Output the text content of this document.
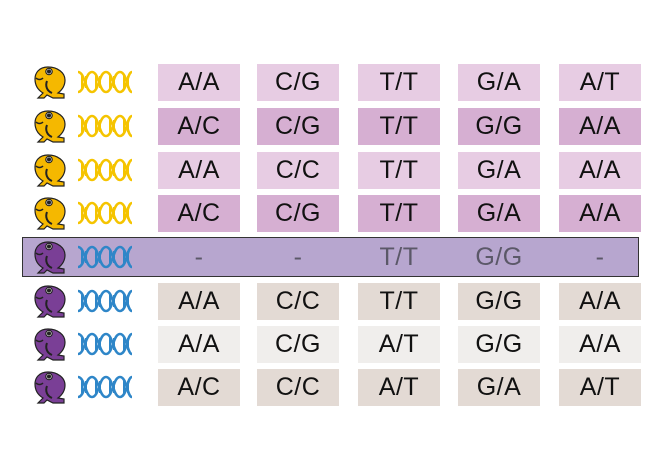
A/A	C/G	T/T	G/A	A/T
A/C	C/G	T/T	G/G	A/A
A/A	C/C	T/T	G/A	A/A
A/C	C/G	T/T	G/A	A/A
-	-	T/T	G/G	-
A/A	C/C	T/T	G/G	A/A
A/A	C/G	A/T	G/G	A/A
A/C	C/C	A/T	G/A	A/T
